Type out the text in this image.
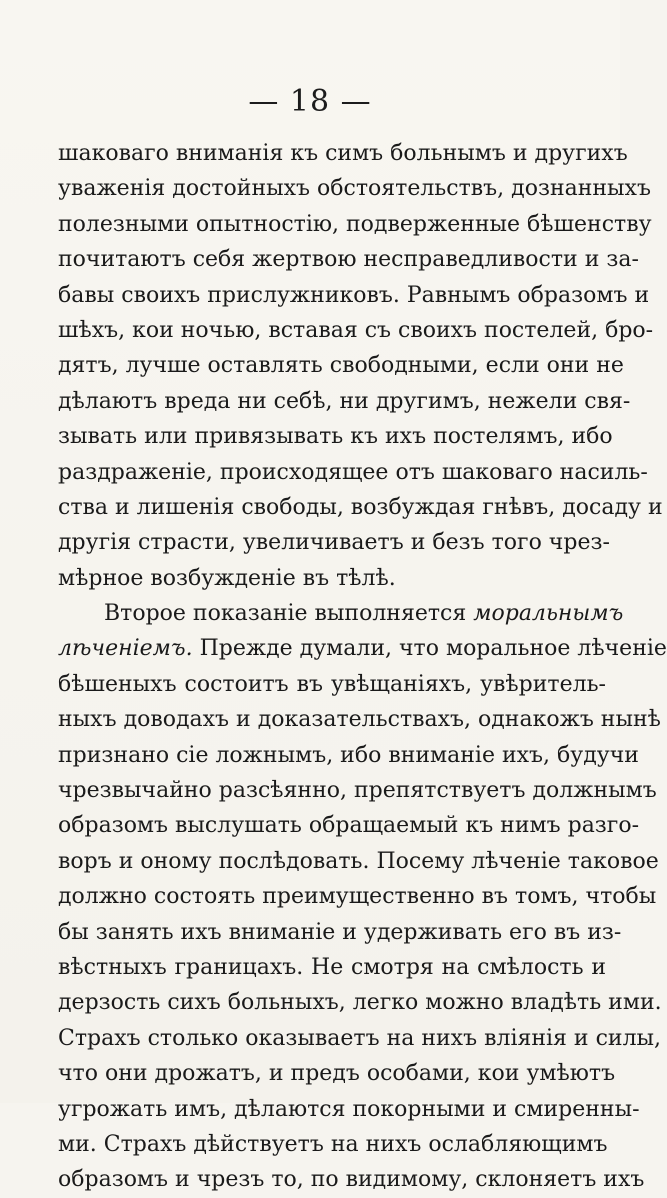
— 18 —
шаковаго вниманія къ симъ больнымъ и другихъ
уваженія достойныхъ обстоятельствъ, дознанныхъ
полезными опытностію, подверженные бѣшенству
почитаютъ себя жертвою несправедливости и за-
бавы своихъ прислужниковъ. Равнымъ образомъ и
шѣхъ, кои ночью, вставая съ своихъ постелей, бро-
дятъ, лучше оставлять свободными, если они не
дѣлаютъ вреда ни себѣ, ни другимъ, нежели свя-
зывать или привязывать къ ихъ постелямъ, ибо
раздраженіе, происходящее отъ шаковаго насиль-
ства и лишенія свободы, возбуждая гнѣвъ, досаду и
другія страсти, увеличиваетъ и безъ того чрез-
мѣрное возбужденіе въ тѣлѣ.
Второе показаніе выполняется моральнымъ
лѣченіемъ. Прежде думали, что моральное лѣченіе
бѣшеныхъ состоитъ въ увѣщаніяхъ, увѣритель-
ныхъ доводахъ и доказательствахъ, однакожъ нынѣ
признано сіе ложнымъ, ибо вниманіе ихъ, будучи
чрезвычайно разсѣянно, препятствуетъ должнымъ
образомъ выслушать обращаемый къ нимъ разго-
воръ и оному послѣдовать. Посему лѣченіе таковое
должно состоять преимущественно въ томъ, чтобы
бы занять ихъ вниманіе и удерживать его въ из-
вѣстныхъ границахъ. Не смотря на смѣлость и
дерзость сихъ больныхъ, легко можно владѣть ими.
Страхъ столько оказываетъ на нихъ вліянія и силы,
что они дрожатъ, и предъ особами, кои умѣютъ
угрожать имъ, дѣлаются покорными и смиренны-
ми. Страхъ дѣйствуетъ на нихъ ослабляющимъ
образомъ и чрезъ то, по видимому, склоняетъ ихъ
